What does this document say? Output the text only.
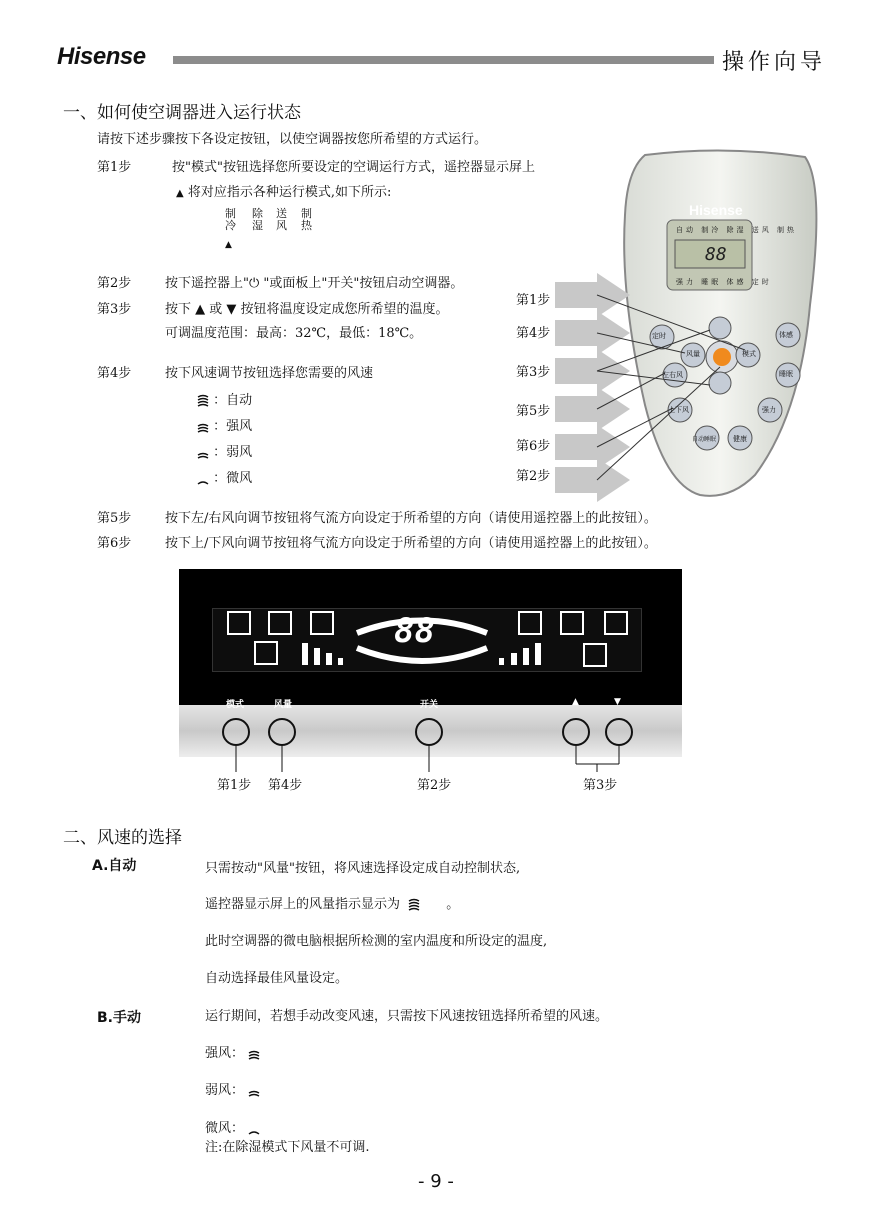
Hisense	操作向导
一、如何使空调器进入运行状态
请按下述步骤按下各设定按钮，以使空调器按您所希望的方式运行。
第1步	按"模式"按钮选择您所要设定的空调运行方式，遥控器显示屏上
▲ 将对应指示各种运行模式,如下所示:
制
冷
除
湿
送
风
制
热
▲
第2步	按下遥控器上"⏻ "或面板上"开关"按钮启动空调器。
第3步	按下 ▲ 或 ▼ 按钮将温度设定成您所希望的温度。
可调温度范围：最高：32℃，最低：18℃。
第4步	按下风速调节按钮选择您需要的风速
：自动
：强风
：弱风
：微风
第5步	按下左/右风向调节按钮将气流方向设定于所希望的方向（请使用遥控器上的此按钮）。
第6步	按下上/下风向调节按钮将气流方向设定于所希望的方向（请使用遥控器上的此按钮）。
Hisense
88
自动 制冷 除湿 送风 制热
强力 睡眠 体感 定时
模式
风量
左右风
上下风
自动睡眠 健康
强力
睡眠
体感
定时
第1步
第4步
第3步
第5步
第6步
第2步
88
模式	风量	开关	▲	▼
第1步 第4步	第2步	第3步
二、风速的选择
A.自动	只需按动"风量"按钮，将风速选择设定成自动控制状态,
遥控器显示屏上的风量指示显示为	。
此时空调器的微电脑根据所检测的室内温度和所设定的温度,
自动选择最佳风量设定。
B.手动	运行期间，若想手动改变风速，只需按下风速按钮选择所希望的风速。
强风：
弱风：
微风：
注:在除湿模式下风量不可调.
- 9 -
